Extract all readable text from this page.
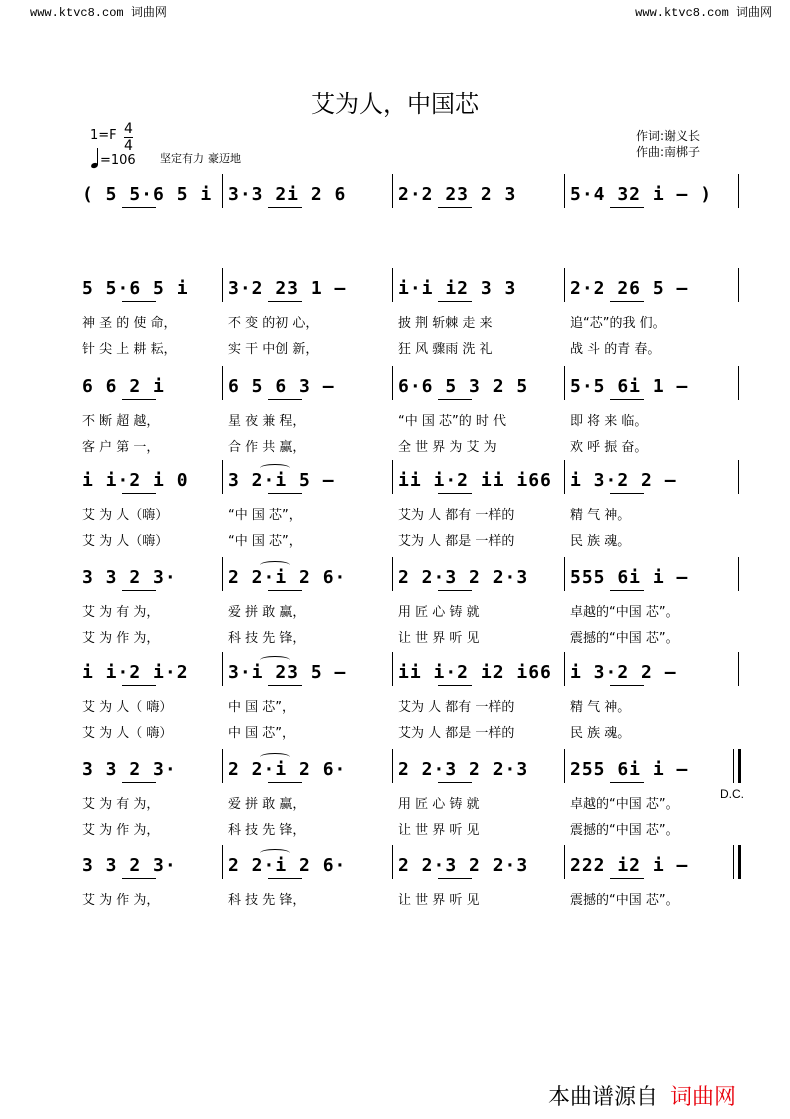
www.ktvc8.com 词曲网	www.ktvc8.com 词曲网
艾为人，中国芯
1=F 4
4
=106 坚定有力 豪迈地
作词:谢义长
作曲:南梆子
( 5 5·6 5 i 3·3 2i 2 6	2·2 23 2 3	5·4 32 i – )
5 5·6 5 i 3·2 23 1 –	i·i i2 3 3	2·2 26 5 –
神 圣 的 使 命，	不 变 的初 心，	披 荆 斩棘 走 来	追“芯”的我 们。
针 尖 上 耕 耘，	实 干 中创 新，	狂 风 骤雨 洗 礼	战 斗 的青 春。
6 6 2 i	6 5 6 3 –	6·6 5 3 2 5 5·5 6i 1 –
不 断 超 越，	星 夜 兼 程，	“中 国 芯”的 时 代	即 将 来 临。
客 户 第 一，	合 作 共 赢，	全 世 界 为 艾 为	欢 呼 振 奋。
i i·2 i 0 3 2·i 5 –	ii i·2 ii i66 i 3·2 2 –
艾 为 人（嗨）	“中 国 芯”，	艾为 人 都有 一样的	精 气 神。
艾 为 人（嗨）	“中 国 芯”，	艾为 人 都是 一样的	民 族 魂。
3 3 2 3·	2 2·i 2 6·	2 2·3 2 2·3 555 6i i –
艾 为 有 为，	爱 拼 敢 赢，	用 匠 心 铸 就	卓越的“中国 芯”。
艾 为 作 为，	科 技 先 锋，	让 世 界 听 见	震撼的“中国 芯”。
i i·2 i·2 3·i 23 5 –	ii i·2 i2 i66 i 3·2 2 –
艾 为 人（ 嗨）	中 国 芯”，	艾为 人 都有 一样的	精 气 神。
艾 为 人（ 嗨）	中 国 芯”，	艾为 人 都是 一样的	民 族 魂。
3 3 2 3·	2 2·i 2 6·	2 2·3 2 2·3 255 6i i –
艾 为 有 为，	爱 拼 敢 赢，	用 匠 心 铸 就	卓越的“中国 芯”。
艾 为 作 为，	科 技 先 锋，	让 世 界 听 见	震撼的“中国 芯”。
D.C.
3 3 2 3·	2 2·i 2 6·	2 2·3 2 2·3 222 i2 i –
艾 为 作 为，	科 技 先 锋，	让 世 界 听 见	震撼的“中国 芯”。
本曲谱源自 词曲网
